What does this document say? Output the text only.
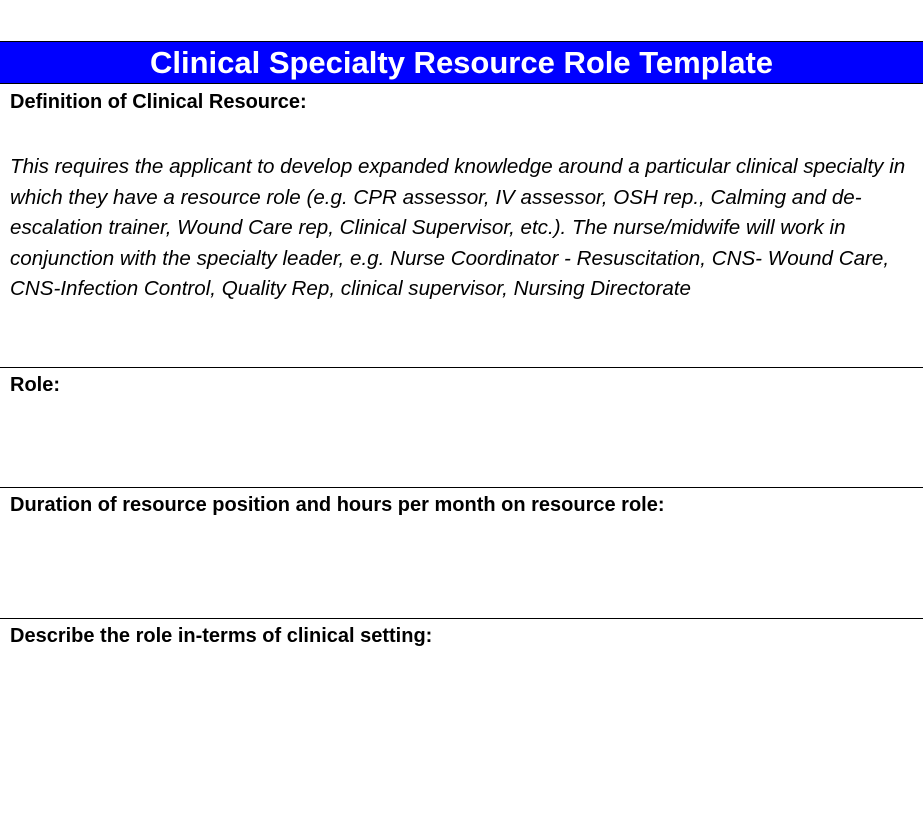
Clinical Specialty Resource Role Template
Definition of Clinical Resource:

This requires the applicant to develop expanded knowledge around a particular clinical specialty in which they have a resource role (e.g. CPR assessor, IV assessor, OSH rep., Calming and de-escalation trainer, Wound Care rep, Clinical Supervisor, etc.). The nurse/midwife will work in conjunction with the specialty leader, e.g. Nurse Coordinator - Resuscitation, CNS- Wound Care, CNS-Infection Control, Quality Rep, clinical supervisor, Nursing Directorate

Role:
Duration of resource position and hours per month on resource role:
Describe the role in-terms of clinical setting:
